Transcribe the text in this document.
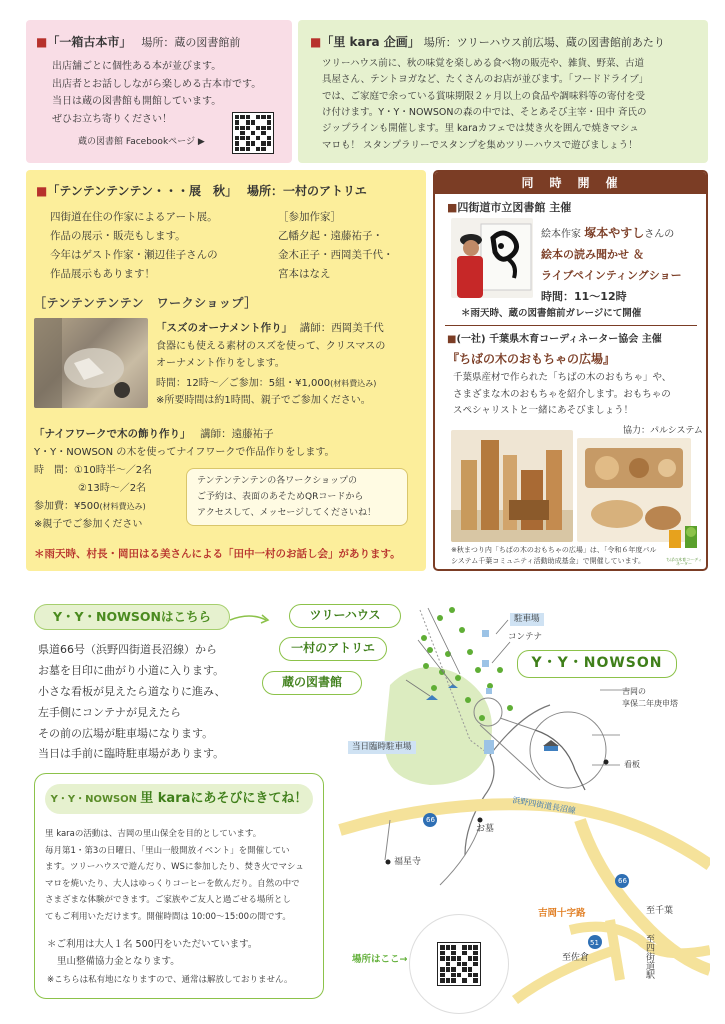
■「一箱古本市」 場所：蔵の図書館前
出店舗ごとに個性ある本が並びます。
出店者とお話ししながら楽しめる古本市です。
当日は蔵の図書館も開館しています。
ぜひお立ち寄りください！
蔵の図書館 Facebookページ ▶
■「里 kara 企画」 場所：ツリーハウス前広場、蔵の図書館前あたり
ツリーハウス前に、秋の味覚を楽しめる食べ物の販売や、雑貨、野菜、古道
具屋さん、テントヨガなど、たくさんのお店が並びます。「フードドライブ」
では、ご家庭で余っている賞味期限２ヶ月以上の食品や調味料等の寄付を受
け付けます。Y・Y・NOWSONの森の中では、そとあそび主宰・田中 斉氏の
ジップラインも開催します。里 karaカフェでは焚き火を囲んで焼きマシュ
マロも！ スタンプラリーでスタンプを集めツリーハウスで遊びましょう！
■「テンテンテンテン・・・展　秋」 場所：一村のアトリエ
四街道在住の作家によるアート展。
作品の展示・販売もします。
今年はゲスト作家・瀬辺佳子さんの
作品展示もあります！
［参加作家］
乙幡夕起・遠藤祐子・
金木正子・西岡美千代・
宮本はなえ
［テンテンテンテン　ワークショップ］
「スズのオーナメント作り」 講師：西岡美千代
食器にも使える素材のスズを使って、クリスマスの
オーナメント作りをします。
時間：12時～／ご参加：5組・¥1,000(材料費込み)
※所要時間は約1時間、親子でご参加ください。
「ナイフワークで木の飾り作り」 講師：遠藤祐子
Y・Y・NOWSON の木を使ってナイフワークで作品作りをします。
時　間：①10時半～／2名
②13時～／2名
参加費：¥500(材料費込み)
※親子でご参加ください
テンテンテンテンの各ワークショップの
ご予約は、表面のあそためQRコードから
アクセスして、メッセージしてくださいね！
＊雨天時、村長・岡田はる美さんによる「田中一村のお話し会」があります。
同　時　開　催
■四街道市立図書館 主催
絵本作家 塚本やすしさんの
絵本の読み聞かせ ＆
ライブペインティングショー
時間：11～12時
＊雨天時、蔵の図書館前ガレージにて開催
■(一社) 千葉県木育コーディネーター協会 主催
『ちばの木のおもちゃの広場』
千葉県産材で作られた「ちばの木のおもちゃ」や、
さまざまな木のおもちゃを紹介します。おもちゃの
スペシャリストと一緒にあそびましょう！
協力：パルシステム
ちばの木育コーディネーター
※秋まつり内「ちばの木のおもちゃの広場」は、「令和６年度パル
システム千葉コミュニティ活動助成基金」で開催しています。
Y・Y・NOWSONはこちら
県道66号（浜野四街道長沼線）から
お墓を目印に曲がり小道に入ります。
小さな看板が見えたら道なりに進み、
左手側にコンテナが見えたら
その前の広場が駐車場になります。
当日は手前に臨時駐車場があります。
Y・Y・NOWSON 里 karaにあそびにきてね！
里 karaの活動は、吉岡の里山保全を目的としています。
毎月第1・第3の日曜日、「里山一般開放イベント」を開催してい
ます。ツリーハウスで遊んだり、WSに参加したり、焚き火でマシュ
マロを焼いたり、大人はゆっくりコーヒーを飲んだり。自然の中で
さまざまな体験ができます。ご家族やご友人と過ごせる場所とし
てもご利用いただけます。開催時間は 10:00～15:00の間です。
＊ご利用は大人１名 500円をいただいています。
里山整備協力金となります。
※こちらは私有地になりますので、通常は解放しておりません。
ツリーハウス
一村のアトリエ
蔵の図書館
駐車場
コンテナ
Y・Y・NOWSON
当日臨時駐車場
吉岡の
享保二年庚申塔
看板
66
浜野四街道長沼線
お墓
福星寺
66
51
吉岡十字路	至千葉
至佐倉	至四街道駅
場所はここ→
